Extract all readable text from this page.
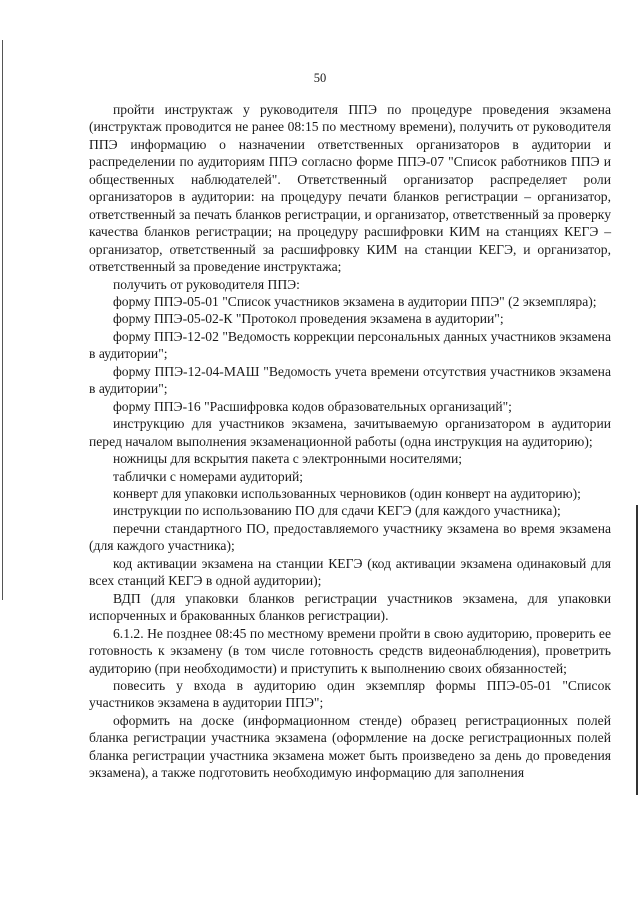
50

пройти инструктаж у руководителя ППЭ по процедуре проведения экзамена (инструктаж проводится не ранее 08:15 по местному времени), получить от руководителя ППЭ информацию о назначении ответственных организаторов в аудитории и распределении по аудиториям ППЭ согласно форме ППЭ-07 "Список работников ППЭ и общественных наблюдателей". Ответственный организатор распределяет роли организаторов в аудитории: на процедуру печати бланков регистрации – организатор, ответственный за печать бланков регистрации, и организатор, ответственный за проверку качества бланков регистрации; на процедуру расшифровки КИМ на станциях КЕГЭ – организатор, ответственный за расшифровку КИМ на станции КЕГЭ, и организатор, ответственный за проведение инструктажа;

получить от руководителя ППЭ:

форму ППЭ-05-01 "Список участников экзамена в аудитории ППЭ" (2 экземпляра);

форму ППЭ-05-02-К "Протокол проведения экзамена в аудитории";

форму ППЭ-12-02 "Ведомость коррекции персональных данных участников экзамена в аудитории";

форму ППЭ-12-04-МАШ "Ведомость учета времени отсутствия участников экзамена в аудитории";

форму ППЭ-16 "Расшифровка кодов образовательных организаций";

инструкцию для участников экзамена, зачитываемую организатором в аудитории перед началом выполнения экзаменационной работы (одна инструкция на аудиторию);

ножницы для вскрытия пакета с электронными носителями;

таблички с номерами аудиторий;

конверт для упаковки использованных черновиков (один конверт на аудиторию);

инструкции по использованию ПО для сдачи КЕГЭ (для каждого участника);

перечни стандартного ПО, предоставляемого участнику экзамена во время экзамена (для каждого участника);

код активации экзамена на станции КЕГЭ (код активации экзамена одинаковый для всех станций КЕГЭ в одной аудитории);

ВДП (для упаковки бланков регистрации участников экзамена, для упаковки испорченных и бракованных бланков регистрации).

6.1.2. Не позднее 08:45 по местному времени пройти в свою аудиторию, проверить ее готовность к экзамену (в том числе готовность средств видеонаблюдения), проветрить аудиторию (при необходимости) и приступить к выполнению своих обязанностей;

повесить у входа в аудиторию один экземпляр формы ППЭ-05-01 "Список участников экзамена в аудитории ППЭ";

оформить на доске (информационном стенде) образец регистрационных полей бланка регистрации участника экзамена (оформление на доске регистрационных полей бланка регистрации участника экзамена может быть произведено за день до проведения экзамена), а также подготовить необходимую информацию для заполнения
